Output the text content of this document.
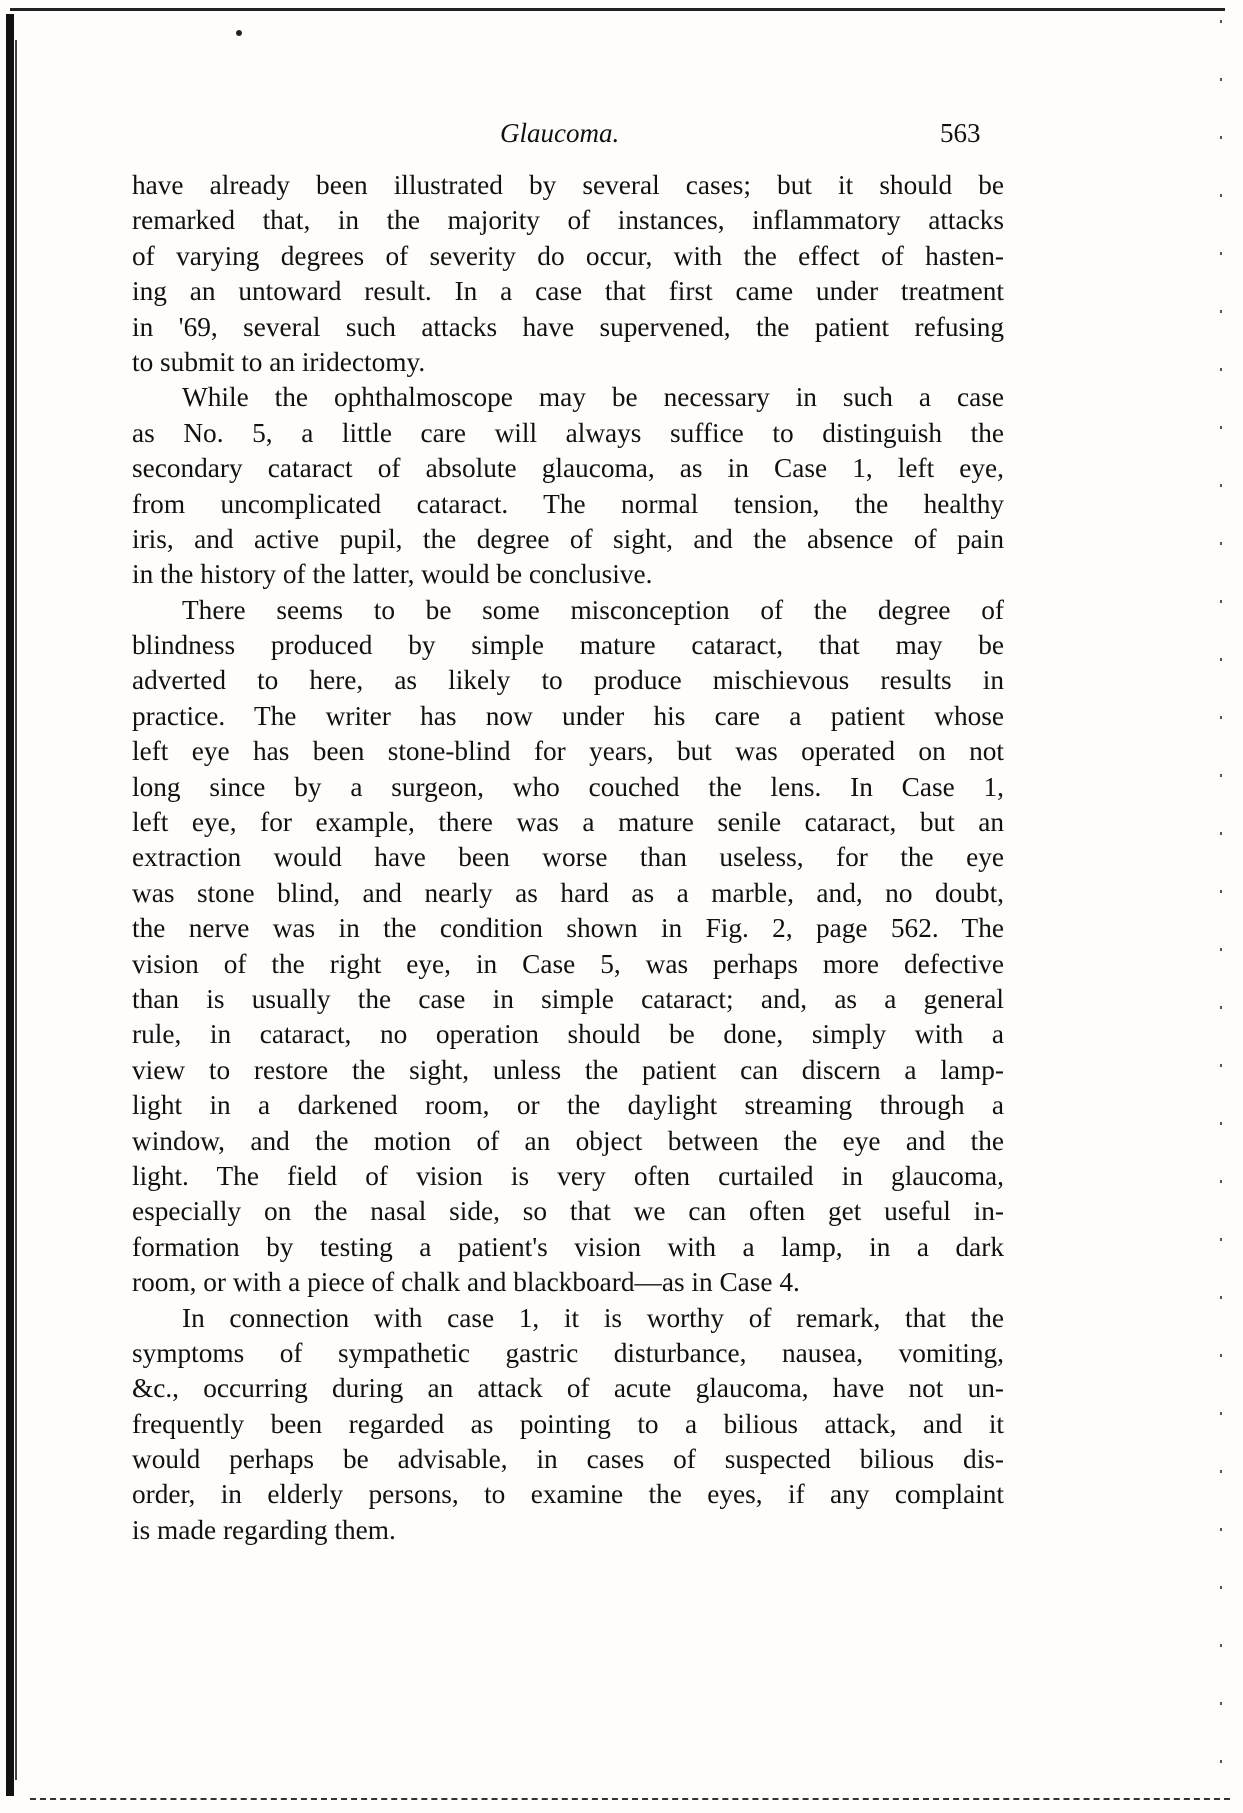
Glaucoma.	563
have already been illustrated by several cases; but it should be
remarked that, in the majority of instances, inflammatory attacks
of varying degrees of severity do occur, with the effect of hasten-
ing an untoward result. In a case that first came under treatment
in '69, several such attacks have supervened, the patient refusing
to submit to an iridectomy.
While the ophthalmoscope may be necessary in such a case
as No. 5, a little care will always suffice to distinguish the
secondary cataract of absolute glaucoma, as in Case 1, left eye,
from uncomplicated cataract. The normal tension, the healthy
iris, and active pupil, the degree of sight, and the absence of pain
in the history of the latter, would be conclusive.
There seems to be some misconception of the degree of
blindness produced by simple mature cataract, that may be
adverted to here, as likely to produce mischievous results in
practice. The writer has now under his care a patient whose
left eye has been stone-blind for years, but was operated on not
long since by a surgeon, who couched the lens. In Case 1,
left eye, for example, there was a mature senile cataract, but an
extraction would have been worse than useless, for the eye
was stone blind, and nearly as hard as a marble, and, no doubt,
the nerve was in the condition shown in Fig. 2, page 562. The
vision of the right eye, in Case 5, was perhaps more defective
than is usually the case in simple cataract; and, as a general
rule, in cataract, no operation should be done, simply with a
view to restore the sight, unless the patient can discern a lamp-
light in a darkened room, or the daylight streaming through a
window, and the motion of an object between the eye and the
light. The field of vision is very often curtailed in glaucoma,
especially on the nasal side, so that we can often get useful in-
formation by testing a patient's vision with a lamp, in a dark
room, or with a piece of chalk and blackboard—as in Case 4.
In connection with case 1, it is worthy of remark, that the
symptoms of sympathetic gastric disturbance, nausea, vomiting,
&c., occurring during an attack of acute glaucoma, have not un-
frequently been regarded as pointing to a bilious attack, and it
would perhaps be advisable, in cases of suspected bilious dis-
order, in elderly persons, to examine the eyes, if any complaint
is made regarding them.
